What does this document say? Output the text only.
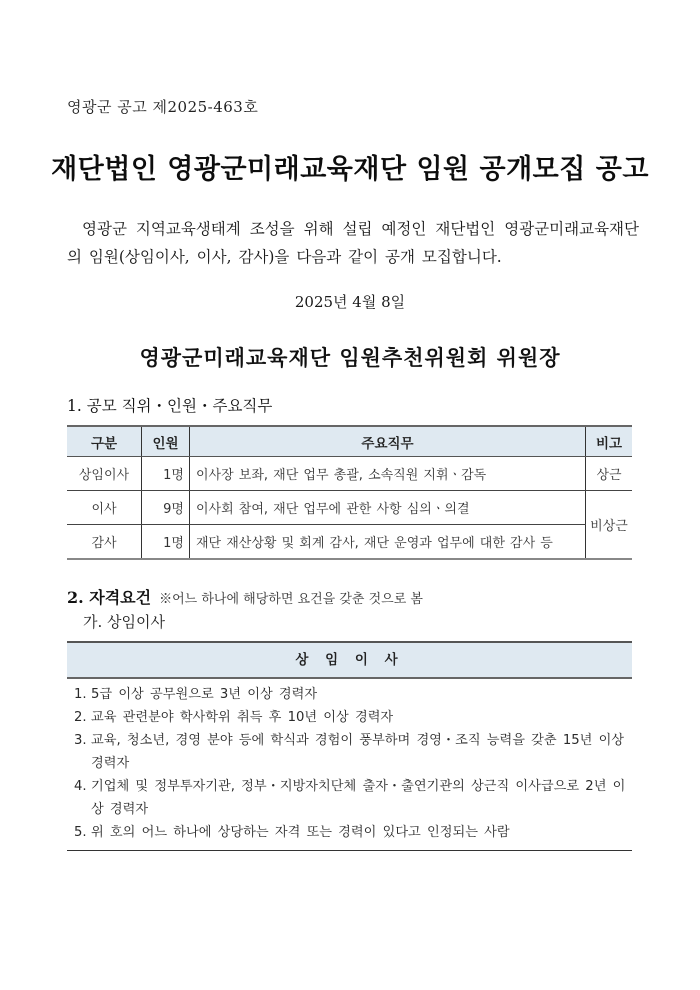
영광군 공고 제2025-463호
재단법인 영광군미래교육재단 임원 공개모집 공고
영광군 지역교육생태계 조성을 위해 설립 예정인 재단법인 영광군미래교육재단의 임원(상임이사, 이사, 감사)을 다음과 같이 공개 모집합니다.
2025년 4월 8일
영광군미래교육재단 임원추천위원회 위원장
1. 공모 직위・인원・주요직무
구분	인원	주요직무	비고
상임이사	1명	이사장 보좌, 재단 업무 총괄, 소속직원 지휘ㆍ감독	상근
이사	9명	이사회 참여, 재단 업무에 관한 사항 심의ㆍ의결	비상근
감사	1명	재단 재산상황 및 회계 감사, 재단 운영과 업무에 대한 감사 등	
2. 자격요건 ※어느 하나에 해당하면 요건을 갖춘 것으로 봄
가. 상임이사
상 임 이 사
1. 5급 이상 공무원으로 3년 이상 경력자
2. 교육 관련분야 학사학위 취득 후 10년 이상 경력자
3. 교육, 청소년, 경영 분야 등에 학식과 경험이 풍부하며 경영・조직 능력을 갖춘 15년 이상 경력자
4. 기업체 및 정부투자기관, 정부・지방자치단체 출자・출연기관의 상근직 이사급으로 2년 이상 경력자
5. 위 호의 어느 하나에 상당하는 자격 또는 경력이 있다고 인정되는 사람
